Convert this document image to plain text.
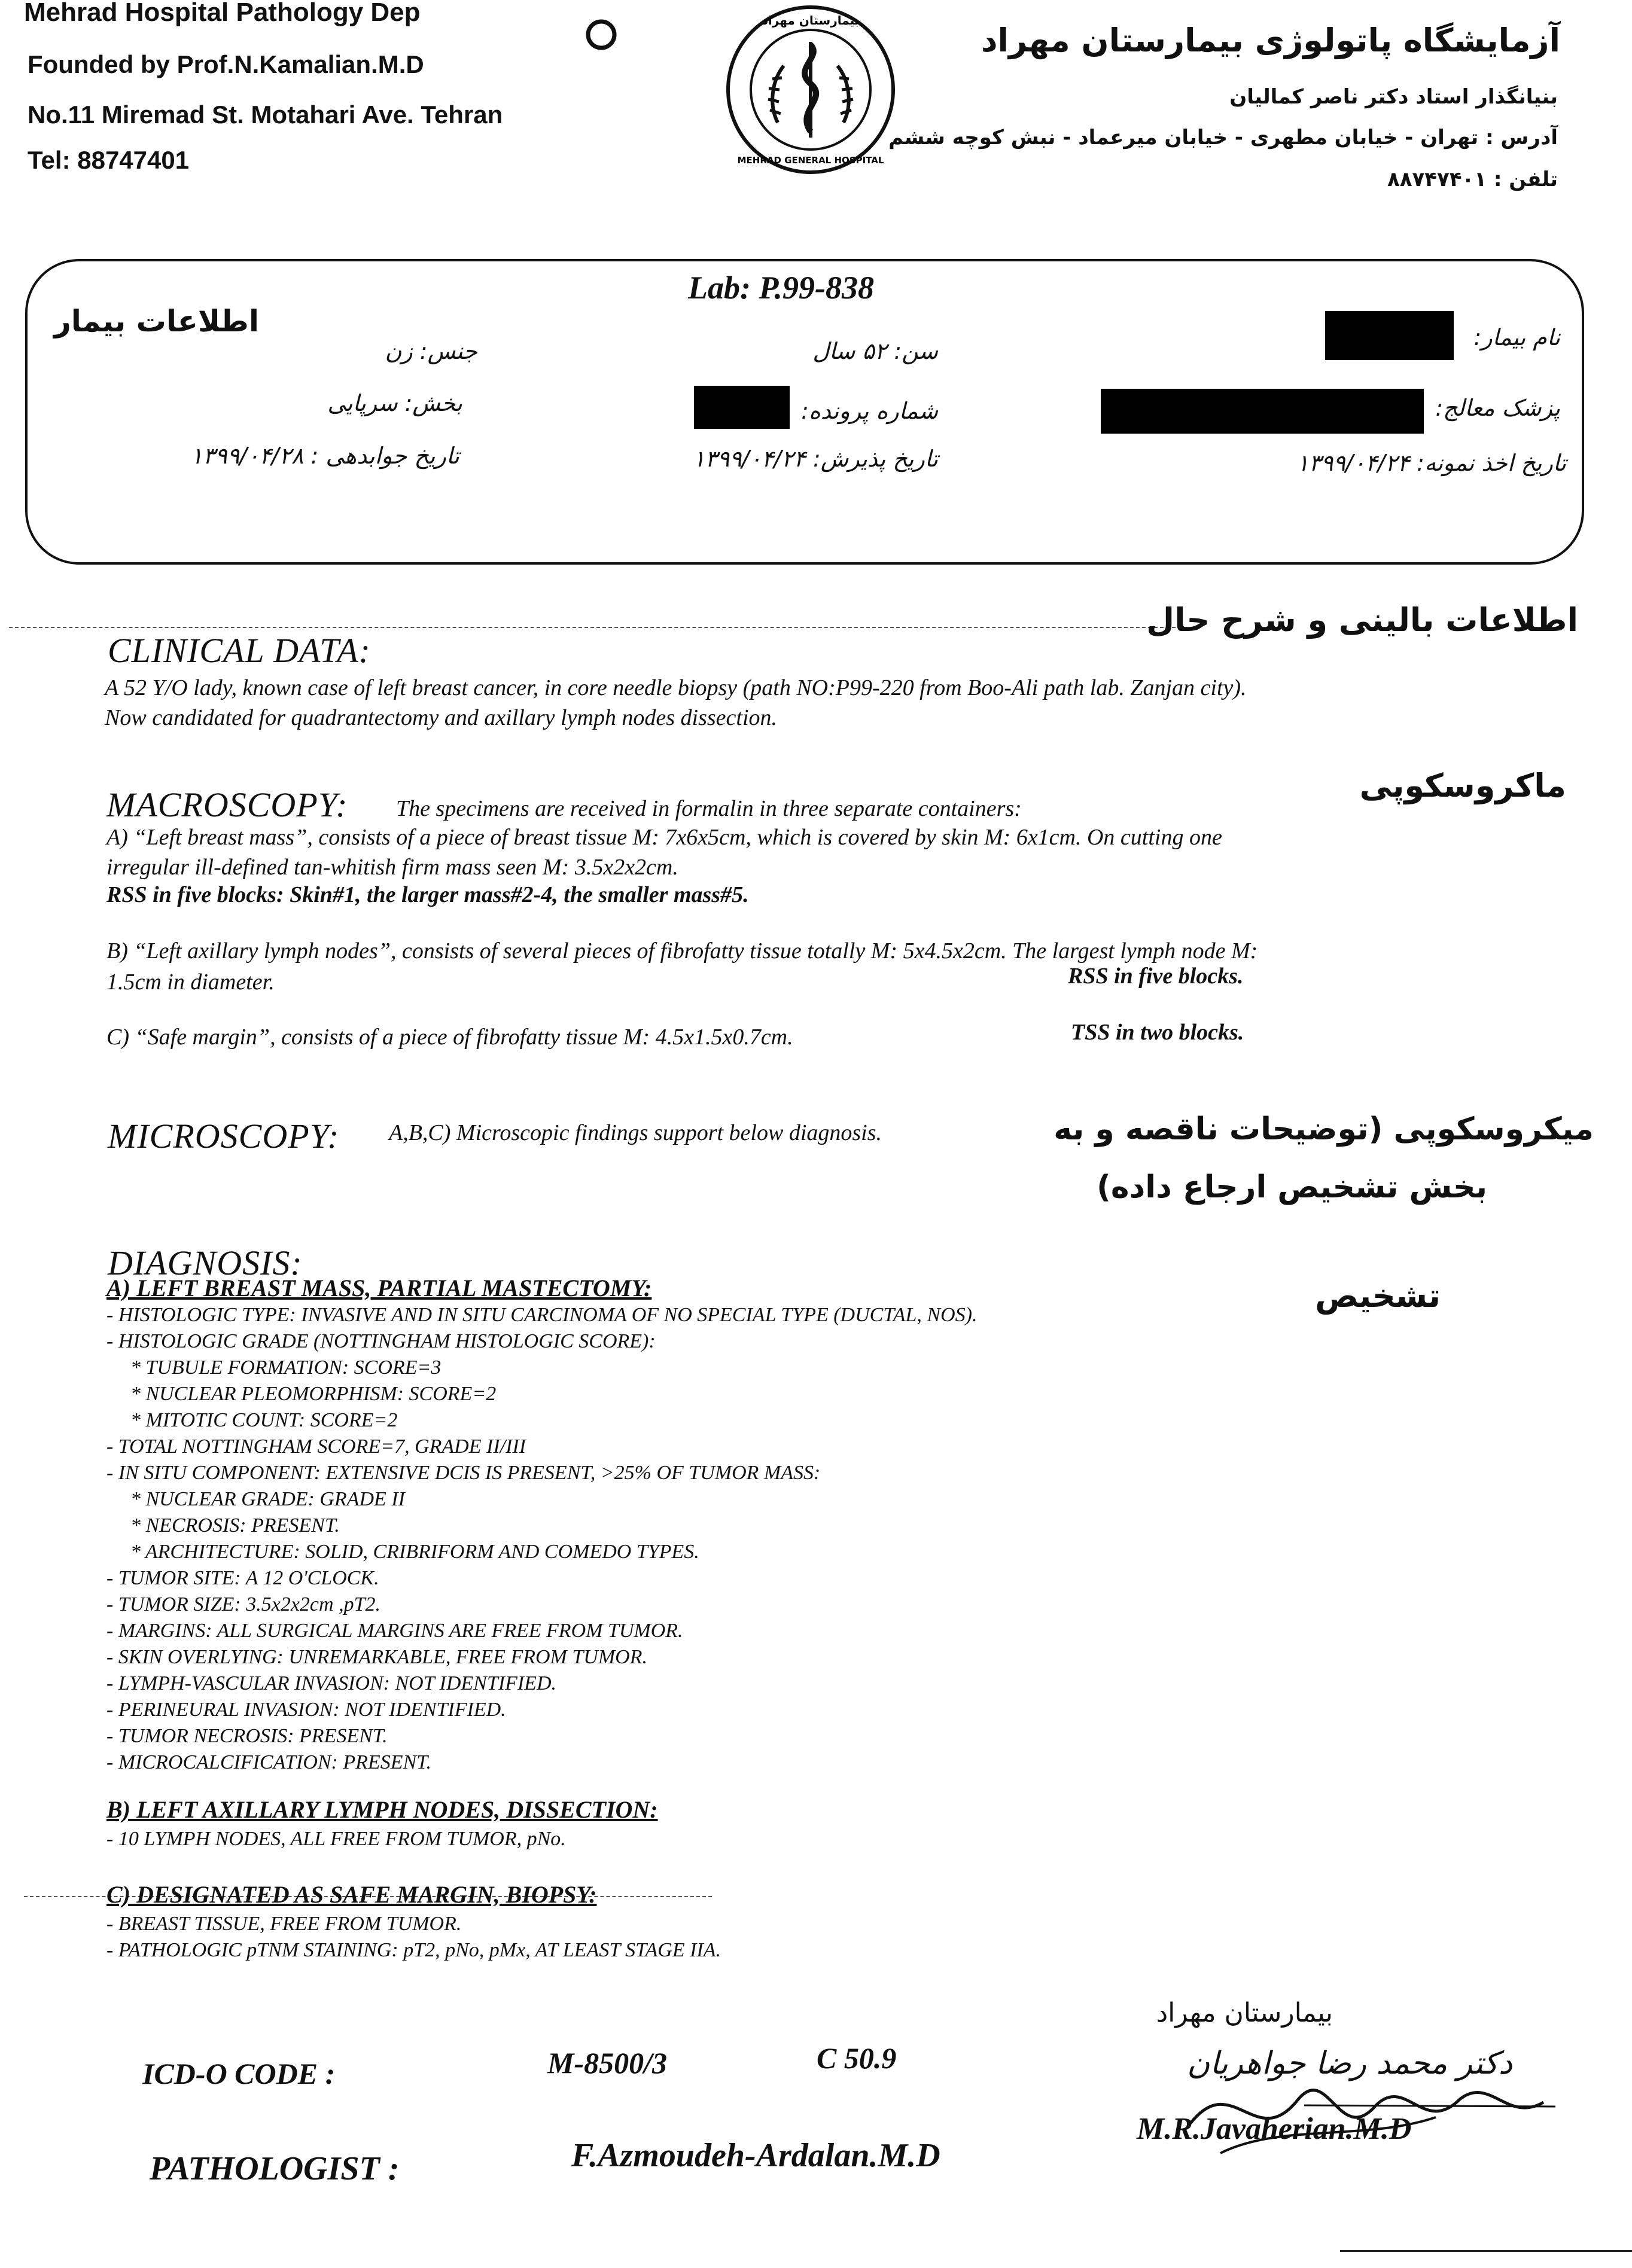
Mehrad Hospital Pathology Dep
Founded by Prof.N.Kamalian.M.D
No.11 Miremad St. Motahari Ave. Tehran
Tel: 88747401
بیمارستان مهراد
MEHRAD GENERAL HOSPITAL
آزمایشگاه پاتولوژی بیمارستان مهراد
بنیانگذار استاد دکتر ناصر کمالیان
آدرس : تهران - خیابان مطهری - خیابان میرعماد - نبش کوچه ششم
تلفن : ۸۸۷۴۷۴۰۱
Lab: P.99-838
اطلاعات بیمار	نام بیمار:
سن: ۵۲ سال
جنس: زن
پزشک معالج:
شماره پرونده:
بخش: سرپایی
تاریخ اخذ نمونه: ۱۳۹۹/۰۴/۲۴
تاریخ پذیرش: ۱۳۹۹/۰۴/۲۴
تاریخ جوابدهی : ۱۳۹۹/۰۴/۲۸
اطلاعات بالینی و شرح حال
CLINICAL DATA:
A 52 Y/O lady, known case of left breast cancer, in core needle biopsy (path NO:P99-220 from Boo-Ali path lab. Zanjan city).
Now candidated for quadrantectomy and axillary lymph nodes dissection.
ماکروسکوپی
MACROSCOPY: The specimens are received in formalin in three separate containers:
A) “Left breast mass”, consists of a piece of breast tissue M: 7x6x5cm, which is covered by skin M: 6x1cm. On cutting one
irregular ill-defined tan-whitish firm mass seen M: 3.5x2x2cm.
RSS in five blocks: Skin#1, the larger mass#2-4, the smaller mass#5.
B) “Left axillary lymph nodes”, consists of several pieces of fibrofatty tissue totally M: 5x4.5x2cm. The largest lymph node M:
1.5cm in diameter.	RSS in five blocks.
C) “Safe margin”, consists of a piece of fibrofatty tissue M: 4.5x1.5x0.7cm.	TSS in two blocks.
MICROSCOPY: A,B,C) Microscopic findings support below diagnosis.	میکروسکوپی (توضیحات ناقصه و به
بخش تشخیص ارجاع داده)
تشخیص
DIAGNOSIS:
A) LEFT BREAST MASS, PARTIAL MASTECTOMY:
- HISTOLOGIC TYPE: INVASIVE AND IN SITU CARCINOMA OF NO SPECIAL TYPE (DUCTAL, NOS).
- HISTOLOGIC GRADE (NOTTINGHAM HISTOLOGIC SCORE):
* TUBULE FORMATION: SCORE=3
* NUCLEAR PLEOMORPHISM: SCORE=2
* MITOTIC COUNT: SCORE=2
- TOTAL NOTTINGHAM SCORE=7, GRADE II/III
- IN SITU COMPONENT: EXTENSIVE DCIS IS PRESENT, >25% OF TUMOR MASS:
* NUCLEAR GRADE: GRADE II
* NECROSIS: PRESENT.
* ARCHITECTURE: SOLID, CRIBRIFORM AND COMEDO TYPES.
- TUMOR SITE: A 12 O'CLOCK.
- TUMOR SIZE: 3.5x2x2cm ,pT2.
- MARGINS: ALL SURGICAL MARGINS ARE FREE FROM TUMOR.
- SKIN OVERLYING: UNREMARKABLE, FREE FROM TUMOR.
- LYMPH-VASCULAR INVASION: NOT IDENTIFIED.
- PERINEURAL INVASION: NOT IDENTIFIED.
- TUMOR NECROSIS: PRESENT.
- MICROCALCIFICATION: PRESENT.
B) LEFT AXILLARY LYMPH NODES, DISSECTION:
- 10 LYMPH NODES, ALL FREE FROM TUMOR, pNo.
C) DESIGNATED AS SAFE MARGIN, BIOPSY:
- BREAST TISSUE, FREE FROM TUMOR.
- PATHOLOGIC pTNM STAINING: pT2, pNo, pMx, AT LEAST STAGE IIA.
ICD-O CODE :	M-8500/3	C 50.9
PATHOLOGIST :	F.Azmoudeh-Ardalan.M.D
بیمارستان مهراد
دکتر محمد رضا جواهریان
M.R.Javaherian.M.D
